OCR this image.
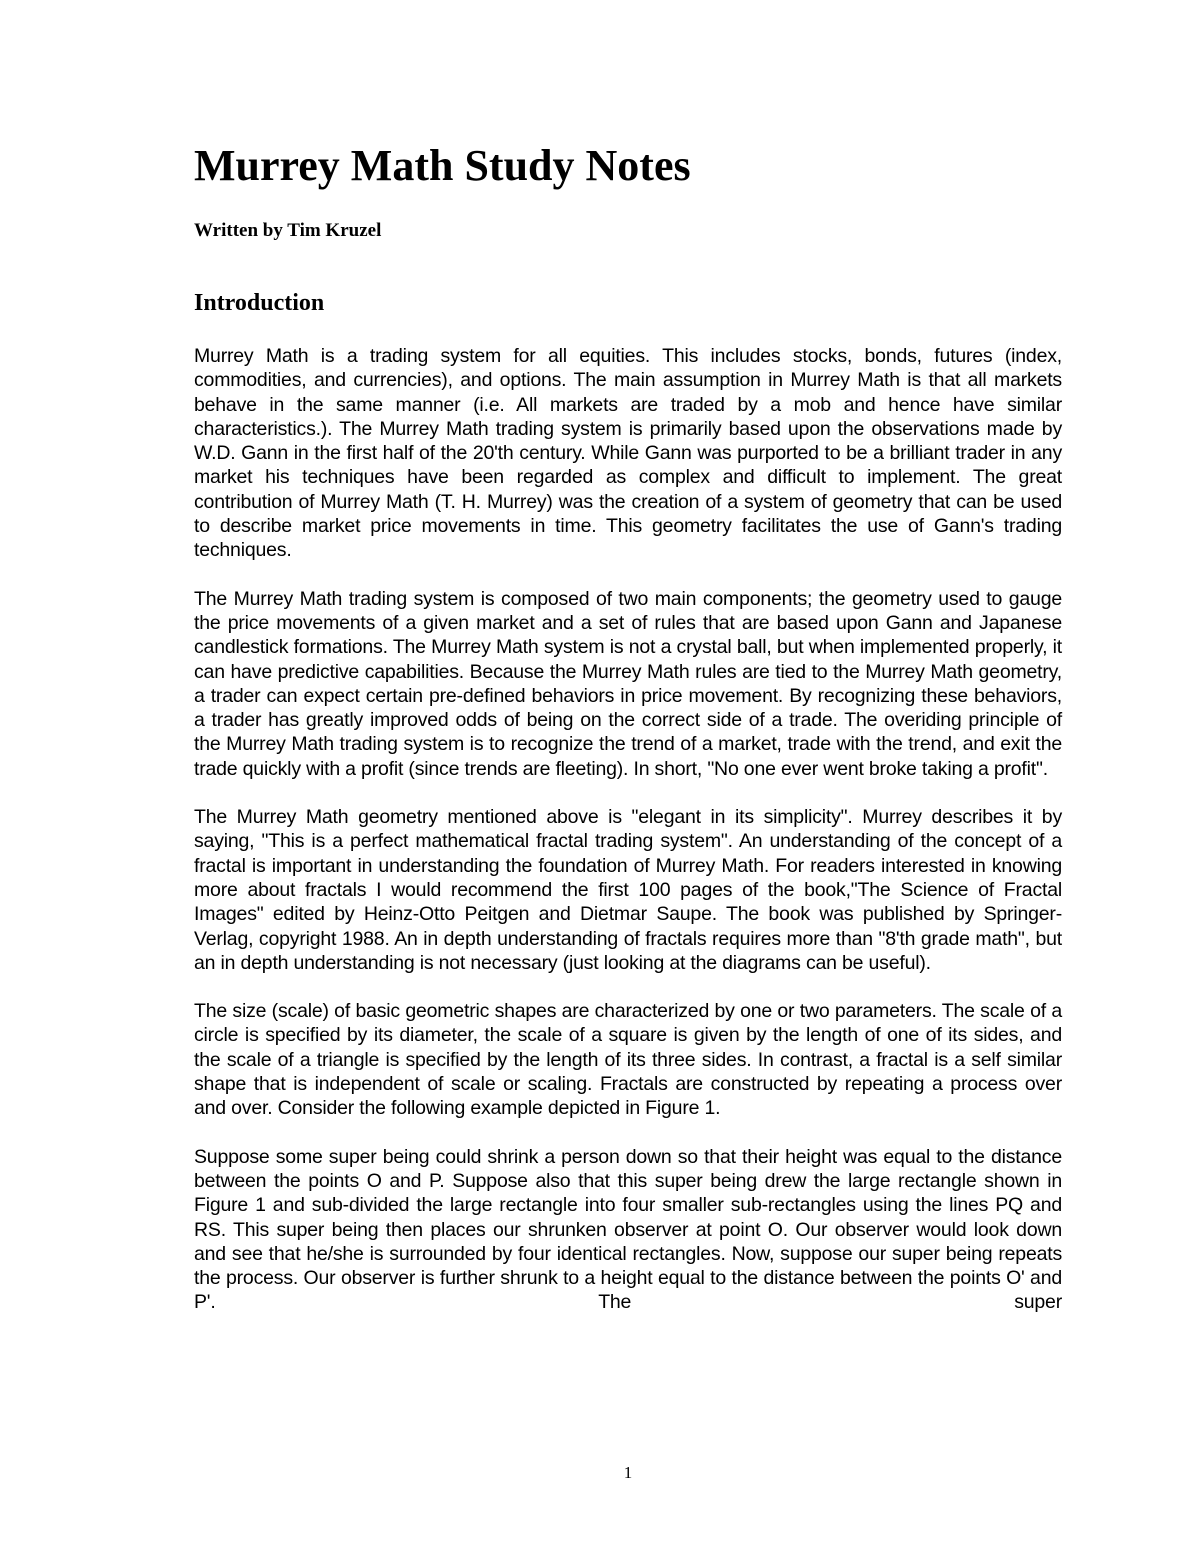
Murrey Math Study Notes
Written by Tim Kruzel
Introduction

Murrey Math is a trading system for all equities. This includes stocks, bonds, futures (index, commodities, and currencies), and options. The main assumption in Murrey Math is that all markets behave in the same manner (i.e. All markets are traded by a mob and hence have similar characteristics.). The Murrey Math trading system is primarily based upon the observations made by W.D. Gann in the first half of the 20'th century. While Gann was purported to be a brilliant trader in any market his techniques have been regarded as complex and difficult to implement. The great contribution of Murrey Math (T. H. Murrey) was the creation of a system of geometry that can be used to describe market price movements in time. This geometry facilitates the use of Gann's trading techniques.

The Murrey Math trading system is composed of two main components; the geometry used to gauge the price movements of a given market and a set of rules that are based upon Gann and Japanese candlestick formations. The Murrey Math system is not a crystal ball, but when implemented properly, it can have predictive capabilities. Because the Murrey Math rules are tied to the Murrey Math geometry, a trader can expect certain pre-defined behaviors in price movement. By recognizing these behaviors, a trader has greatly improved odds of being on the correct side of a trade. The overiding principle of the Murrey Math trading system is to recognize the trend of a market, trade with the trend, and exit the trade quickly with a profit (since trends are fleeting). In short, "No one ever went broke taking a profit".

The Murrey Math geometry mentioned above is "elegant in its simplicity". Murrey describes it by saying, "This is a perfect mathematical fractal trading system". An understanding of the concept of a fractal is important in understanding the foundation of Murrey Math. For readers interested in knowing more about fractals I would recommend the first 100 pages of the book,"The Science of Fractal Images" edited by Heinz-Otto Peitgen and Dietmar Saupe. The book was published by Springer-Verlag, copyright 1988. An in depth understanding of fractals requires more than "8'th grade math", but an in depth understanding is not necessary (just looking at the diagrams can be useful).

The size (scale) of basic geometric shapes are characterized by one or two parameters. The scale of a circle is specified by its diameter, the scale of a square is given by the length of one of its sides, and the scale of a triangle is specified by the length of its three sides. In contrast, a fractal is a self similar shape that is independent of scale or scaling. Fractals are constructed by repeating a process over and over. Consider the following example depicted in Figure 1.

Suppose some super being could shrink a person down so that their height was equal to the distance between the points O and P. Suppose also that this super being drew the large rectangle shown in Figure 1 and sub-divided the large rectangle into four smaller sub-rectangles using the lines PQ and RS. This super being then places our shrunken observer at point O. Our observer would look down and see that he/she is surrounded by four identical rectangles. Now, suppose our super being repeats the process. Our observer is further shrunk to a height equal to the distance between the points O' and P'. The super

1
